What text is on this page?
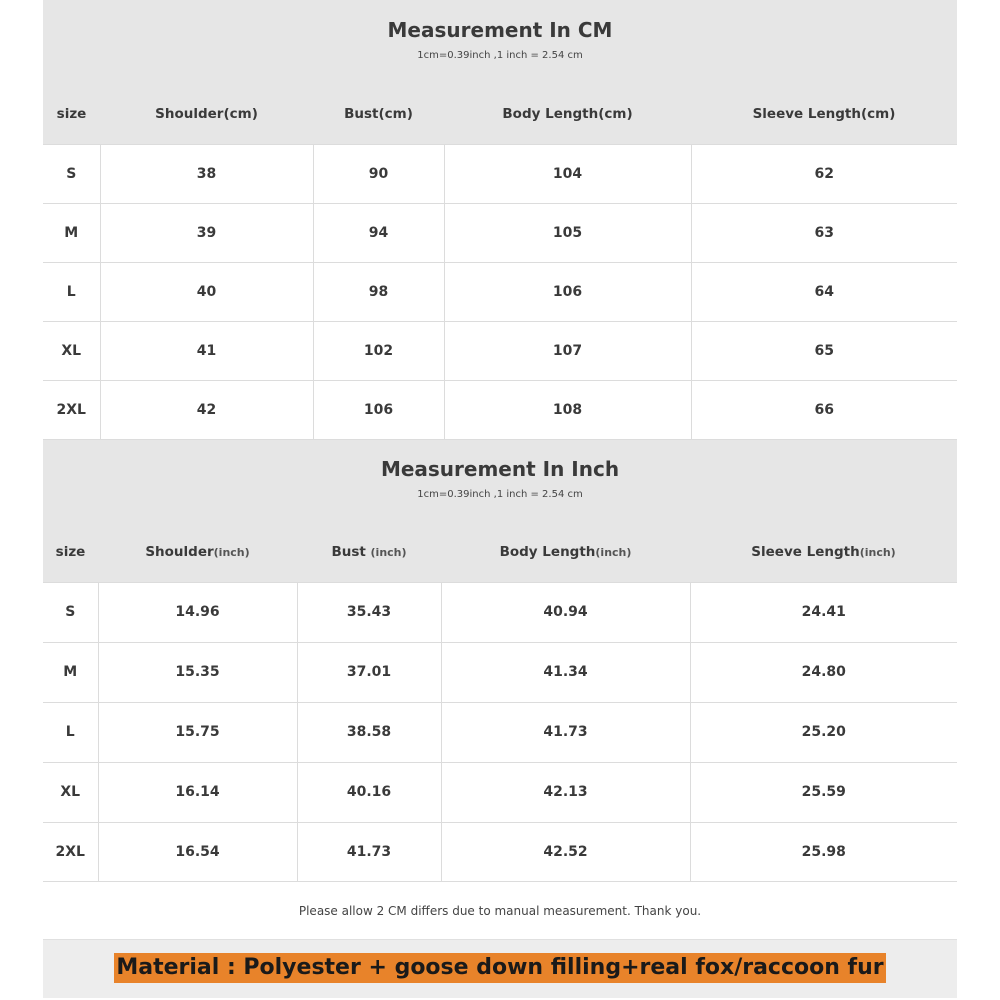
Measurement In CM
1cm=0.39inch ,1 inch = 2.54 cm
size	Shoulder(cm)	Bust(cm)	Body Length(cm)	Sleeve Length(cm)
S	38	90	104	62
M	39	94	105	63
L	40	98	106	64
XL	41	102	107	65
2XL	42	106	108	66
Measurement In Inch
1cm=0.39inch ,1 inch = 2.54 cm
size	Shoulder(inch)	Bust (inch)	Body Length(inch)	Sleeve Length(inch)
S	14.96	35.43	40.94	24.41
M	15.35	37.01	41.34	24.80
L	15.75	38.58	41.73	25.20
XL	16.14	40.16	42.13	25.59
2XL	16.54	41.73	42.52	25.98
Please allow 2 CM differs due to manual measurement. Thank you.
Material : Polyester + goose down filling+real fox/raccoon fur
